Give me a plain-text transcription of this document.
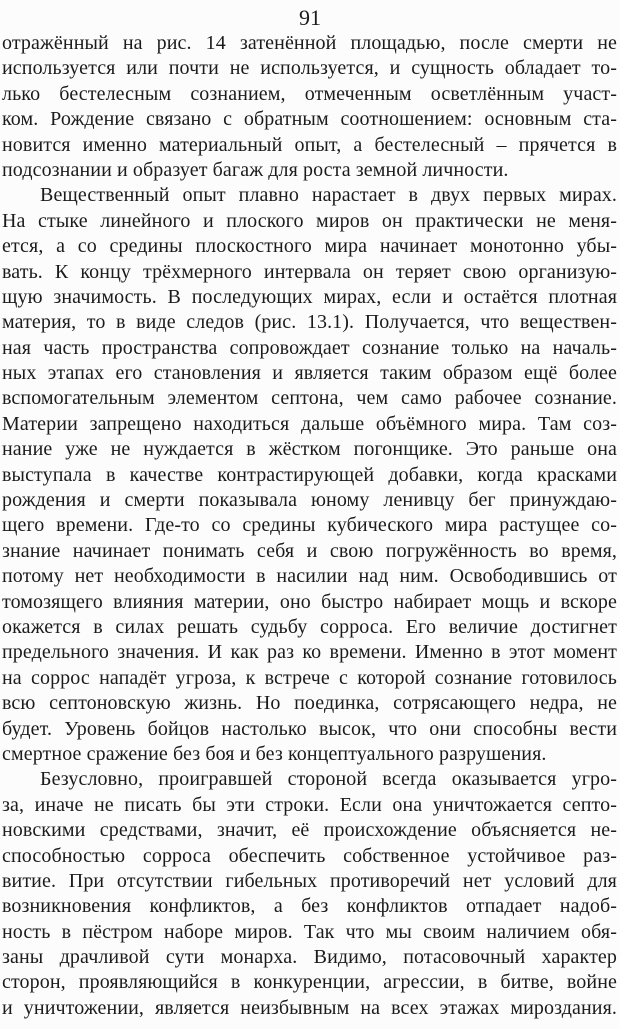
91
отражённый на рис. 14 затенённой площадью, после смерти не
используется или почти не используется, и сущность обладает то-
лько бестелесным сознанием, отмеченным осветлённым участ-
ком. Рождение связано с обратным соотношением: основным ста-
новится именно материальный опыт, а бестелесный – прячется в
подсознании и образует багаж для роста земной личности.
Вещественный опыт плавно нарастает в двух первых мирах.
На стыке линейного и плоского миров он практически не меня-
ется, а со средины плоскостного мира начинает монотонно убы-
вать. К концу трёхмерного интервала он теряет свою организую-
щую значимость. В последующих мирах, если и остаётся плотная
материя, то в виде следов (рис. 13.1). Получается, что веществен-
ная часть пространства сопровождает сознание только на началь-
ных этапах его становления и является таким образом ещё более
вспомогательным элементом септона, чем само рабочее сознание.
Материи запрещено находиться дальше объёмного мира. Там соз-
нание уже не нуждается в жёстком погонщике. Это раньше она
выступала в качестве контрастирующей добавки, когда красками
рождения и смерти показывала юному ленивцу бег принуждаю-
щего времени. Где-то со средины кубического мира растущее со-
знание начинает понимать себя и свою погружённость во время,
потому нет необходимости в насилии над ним. Освободившись от
томозящего влияния материи, оно быстро набирает мощь и вскоре
окажется в силах решать судьбу сорроса. Его величие достигнет
предельного значения. И как раз ко времени. Именно в этот момент
на соррос нападёт угроза, к встрече с которой сознание готовилось
всю септоновскую жизнь. Но поединка, сотрясающего недра, не
будет. Уровень бойцов настолько высок, что они способны вести
смертное сражение без боя и без концептуального разрушения.
Безусловно, проигравшей стороной всегда оказывается угро-
за, иначе не писать бы эти строки. Если она уничтожается септо-
новскими средствами, значит, её происхождение объясняется не-
способностью сорроса обеспечить собственное устойчивое раз-
витие. При отсутствии гибельных противоречий нет условий для
возникновения конфликтов, а без конфликтов отпадает надоб-
ность в пёстром наборе миров. Так что мы своим наличием обя-
заны драчливой сути монарха. Видимо, потасовочный характер
сторон, проявляющийся в конкуренции, агрессии, в битве, войне
и уничтожении, является неизбывным на всех этажах мироздания.
